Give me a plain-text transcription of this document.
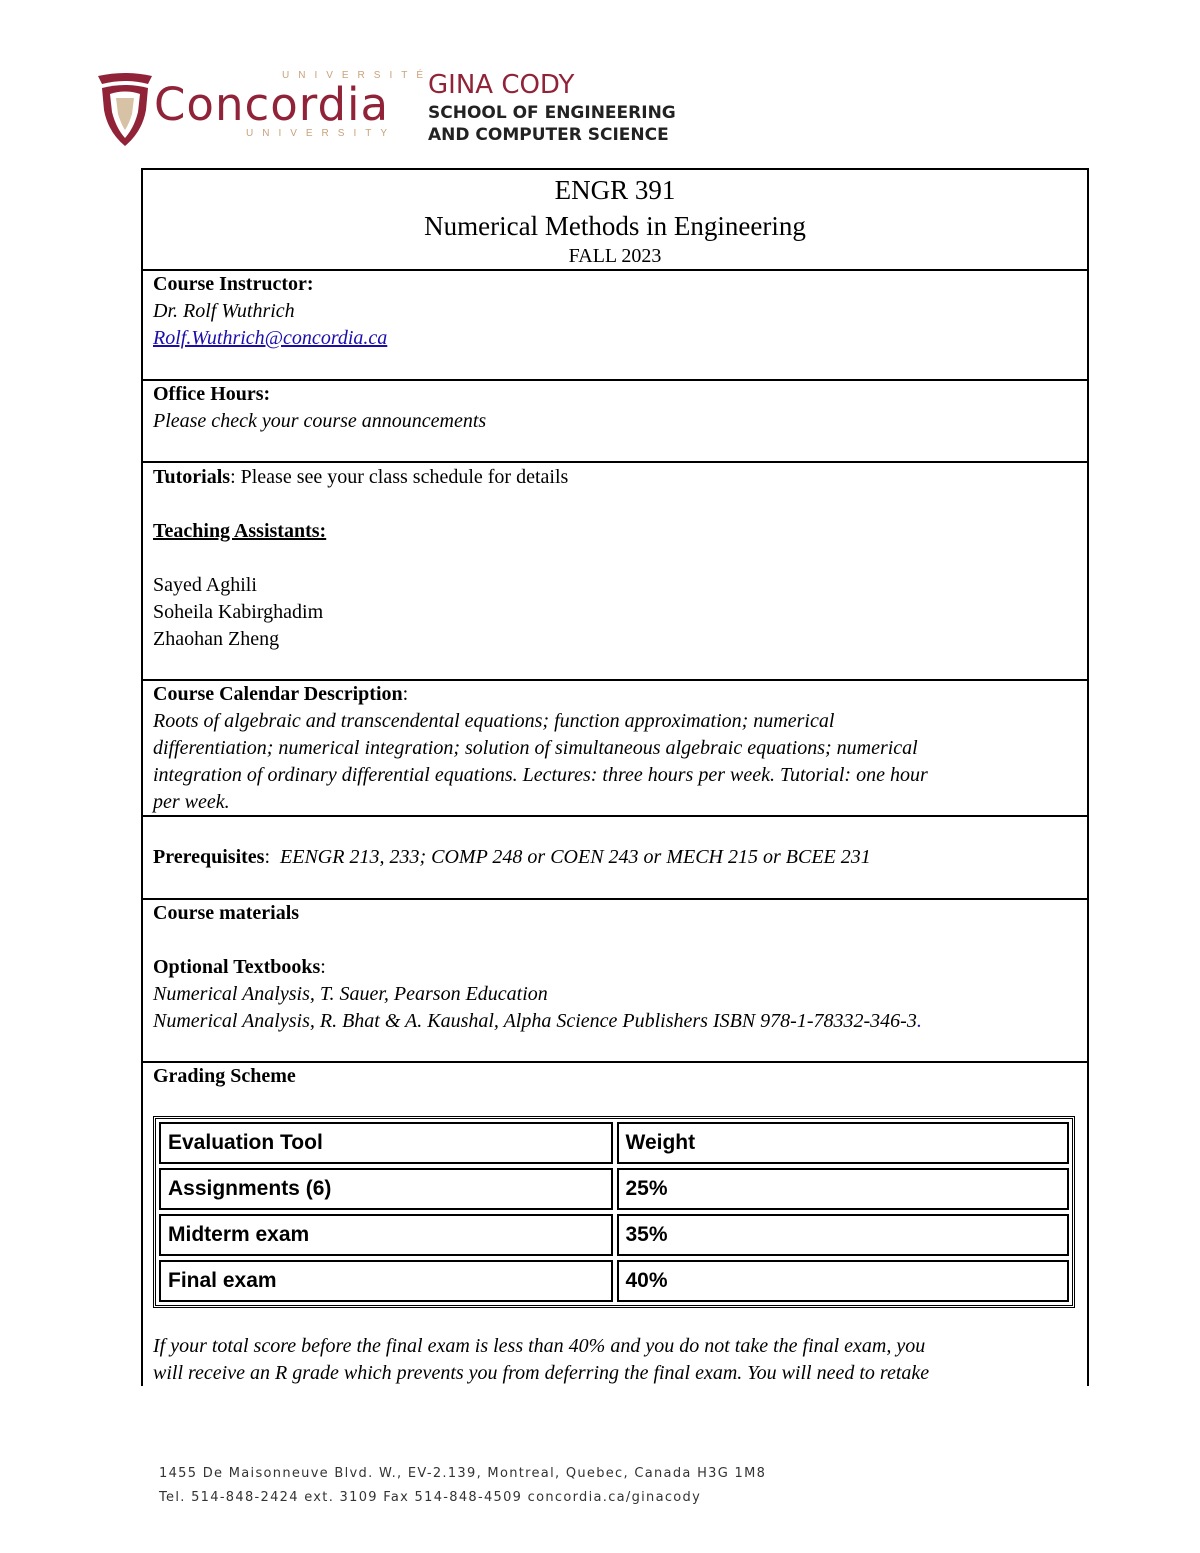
UNIVERSITÉ
Concordia
UNIVERSITY
GINA CODY
SCHOOL OF ENGINEERING
AND COMPUTER SCIENCE
ENGR 391
Numerical Methods in Engineering
FALL 2023

Course Instructor:

Dr. Rolf Wuthrich

Rolf.Wuthrich@concordia.ca

Office Hours:

Please check your course announcements

Tutorials: Please see your class schedule for details

Teaching Assistants:

Sayed Aghili

Soheila Kabirghadim

Zhaohan Zheng

Course Calendar Description:

Roots of algebraic and transcendental equations; function approximation; numerical

differentiation; numerical integration; solution of simultaneous algebraic equations; numerical

integration of ordinary differential equations. Lectures: three hours per week. Tutorial: one hour

per week.

Prerequisites: EENGR 213, 233; COMP 248 or COEN 243 or MECH 215 or BCEE 231

Course materials

Optional Textbooks:

Numerical Analysis, T. Sauer, Pearson Education

Numerical Analysis, R. Bhat & A. Kaushal, Alpha Science Publishers ISBN 978-1-78332-346-3.

Grading Scheme

Evaluation Tool	Weight
Assignments (6)	25%
Midterm exam	35%
Final exam	40%

If your total score before the final exam is less than 40% and you do not take the final exam, you

will receive an R grade which prevents you from deferring the final exam. You will need to retake

1455 De Maisonneuve Blvd. W., EV-2.139, Montreal, Quebec, Canada H3G 1M8
Tel. 514-848-2424 ext. 3109 Fax 514-848-4509 concordia.ca/ginacody
